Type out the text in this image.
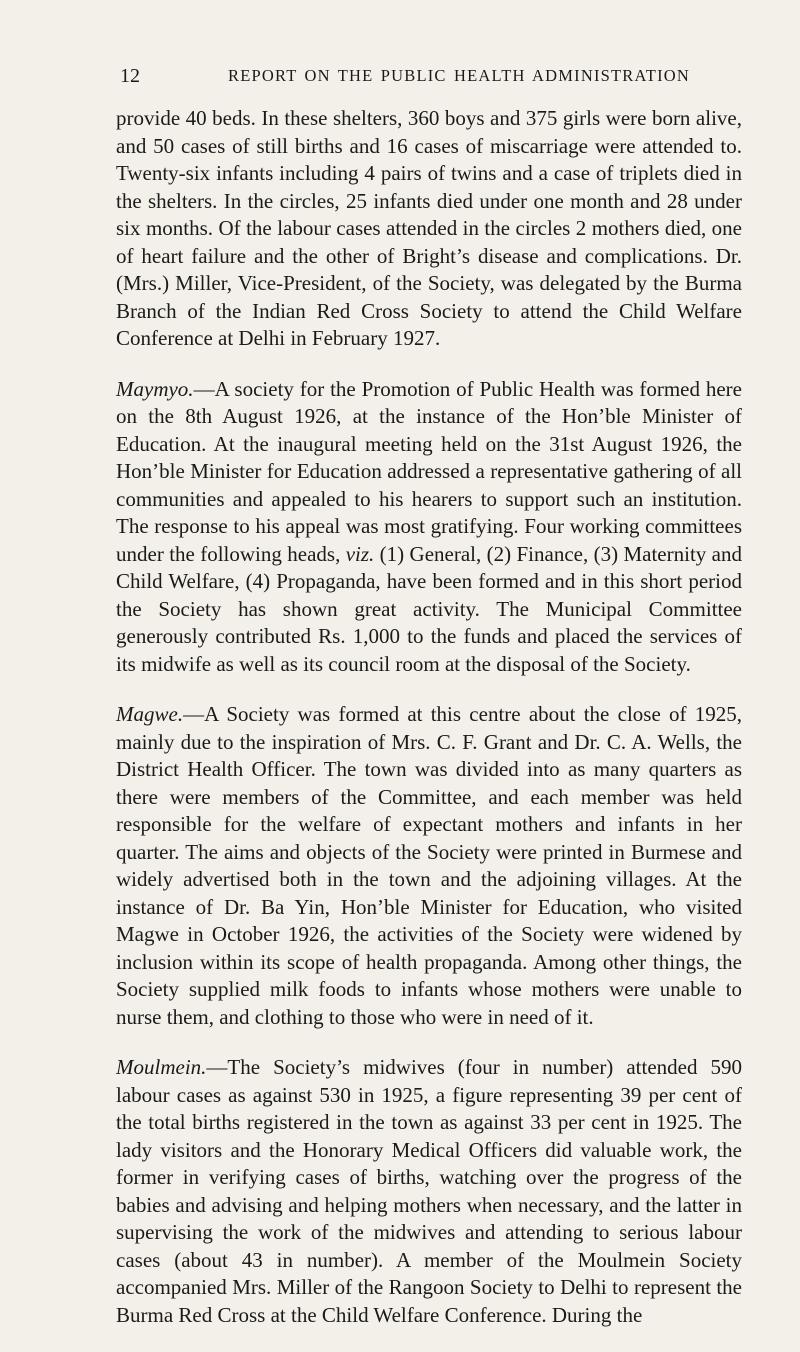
12	REPORT ON THE PUBLIC HEALTH ADMINISTRATION

provide 40 beds. In these shelters, 360 boys and 375 girls were born alive, and 50 cases of still births and 16 cases of miscarriage were attended to. Twenty-six infants including 4 pairs of twins and a case of triplets died in the shelters. In the circles, 25 infants died under one month and 28 under six months. Of the labour cases attended in the circles 2 mothers died, one of heart failure and the other of Bright’s disease and complications. Dr. (Mrs.) Miller, Vice-President, of the Society, was delegated by the Burma Branch of the Indian Red Cross Society to attend the Child Welfare Conference at Delhi in February 1927.

Maymyo.—A society for the Promotion of Public Health was formed here on the 8th August 1926, at the instance of the Hon’ble Minister of Education. At the inaugural meeting held on the 31st August 1926, the Hon’ble Minister for Education addressed a representative gathering of all communities and appealed to his hearers to support such an institution. The response to his appeal was most gratifying. Four working committees under the following heads, viz. (1) General, (2) Finance, (3) Maternity and Child Welfare, (4) Propaganda, have been formed and in this short period the Society has shown great activity. The Municipal Committee generously contributed Rs. 1,000 to the funds and placed the services of its midwife as well as its council room at the disposal of the Society.

Magwe.—A Society was formed at this centre about the close of 1925, mainly due to the inspiration of Mrs. C. F. Grant and Dr. C. A. Wells, the District Health Officer. The town was divided into as many quarters as there were members of the Committee, and each member was held responsible for the welfare of expectant mothers and infants in her quarter. The aims and objects of the Society were printed in Burmese and widely advertised both in the town and the adjoining villages. At the instance of Dr. Ba Yin, Hon’ble Minister for Education, who visited Magwe in October 1926, the activities of the Society were widened by inclusion within its scope of health propaganda. Among other things, the Society supplied milk foods to infants whose mothers were unable to nurse them, and clothing to those who were in need of it.

Moulmein.—The Society’s midwives (four in number) attended 590 labour cases as against 530 in 1925, a figure representing 39 per cent of the total births registered in the town as against 33 per cent in 1925. The lady visitors and the Honorary Medical Officers did valuable work, the former in verifying cases of births, watching over the progress of the babies and advising and helping mothers when necessary, and the latter in supervising the work of the midwives and attending to serious labour cases (about 43 in number). A member of the Moulmein Society accompanied Mrs. Miller of the Rangoon Society to Delhi to represent the Burma Red Cross at the Child Welfare Conference. During the
